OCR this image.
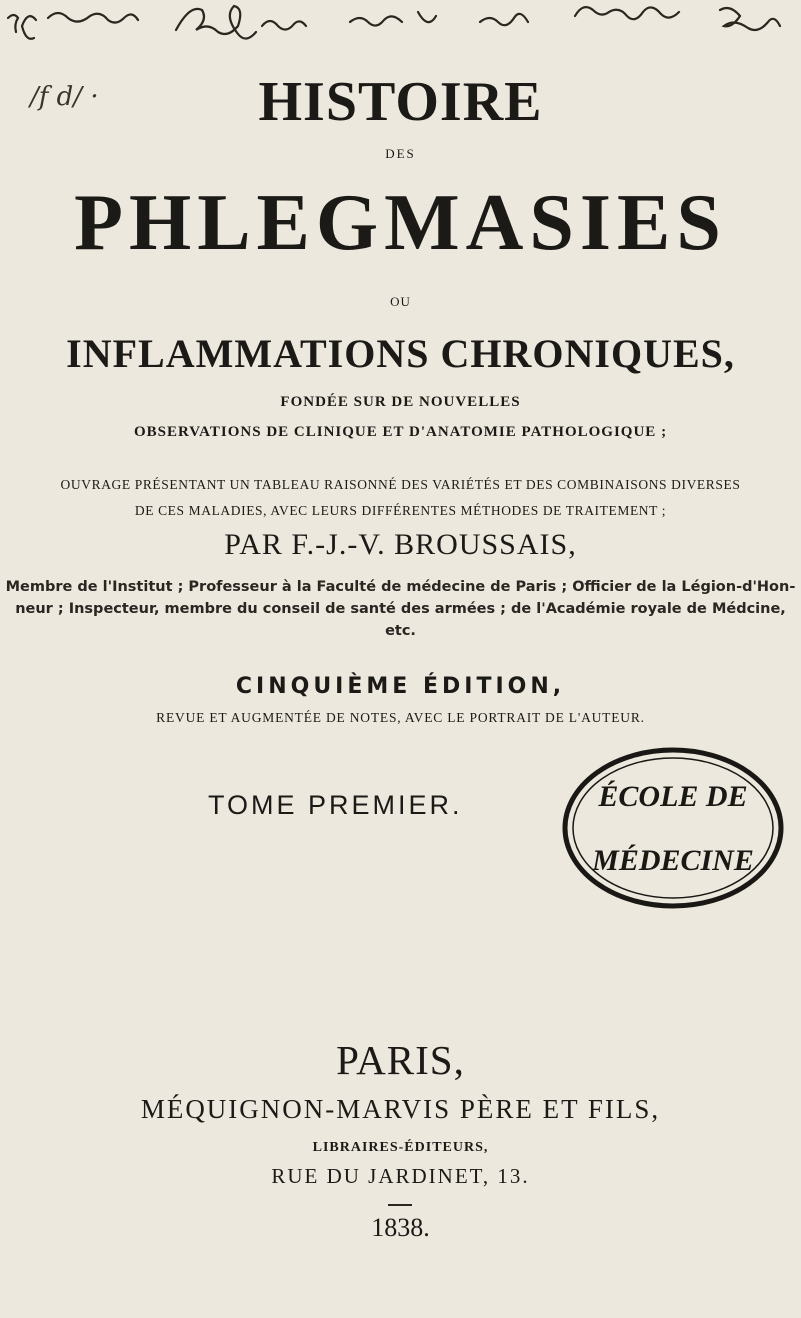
/f d/ ·	HISTOIRE
DES
PHLEGMASIES
OU
INFLAMMATIONS CHRONIQUES,
FONDÉE SUR DE NOUVELLES
OBSERVATIONS DE CLINIQUE ET D'ANATOMIE PATHOLOGIQUE ;
OUVRAGE PRÉSENTANT UN TABLEAU RAISONNÉ DES VARIÉTÉS ET DES COMBINAISONS DIVERSES
DE CES MALADIES, AVEC LEURS DIFFÉRENTES MÉTHODES DE TRAITEMENT ;
PAR F.-J.-V. BROUSSAIS,
Membre de l'Institut ; Professeur à la Faculté de médecine de Paris ; Officier de la Légion-d'Hon-
neur ; Inspecteur, membre du conseil de santé des armées ; de l'Académie royale de Médcine, etc.
CINQUIÈME ÉDITION,
REVUE ET AUGMENTÉE DE NOTES, AVEC LE PORTRAIT DE L'AUTEUR.
TOME PREMIER.	ÉCOLE DE
MÉDECINE
PARIS,
MÉQUIGNON-MARVIS PÈRE ET FILS,
LIBRAIRES-ÉDITEURS,
RUE DU JARDINET, 13.
1838.
